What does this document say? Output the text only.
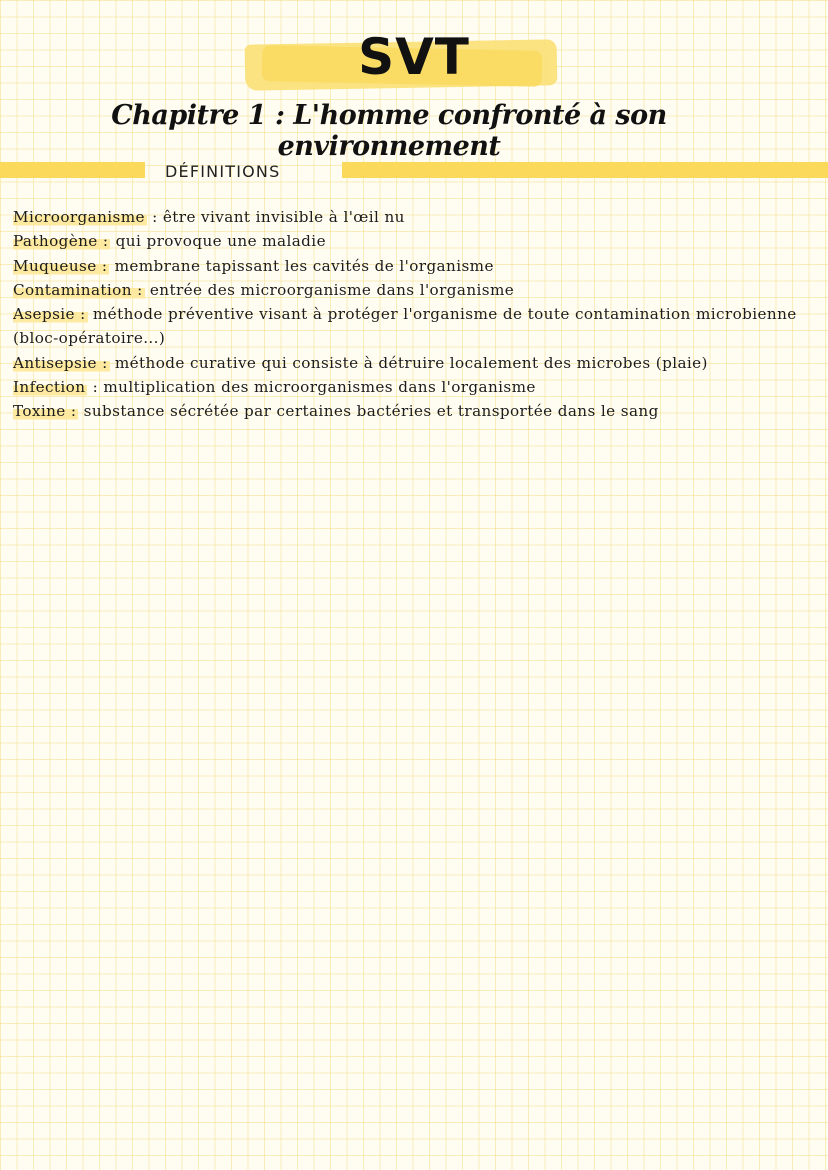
SVT
Chapitre 1 : L'homme confronté à son environnement
DÉFINITIONS

Microorganisme : être vivant invisible à l'œil nu

Pathogène : qui provoque une maladie

Muqueuse : membrane tapissant les cavités de l'organisme

Contamination : entrée des microorganisme dans l'organisme

Asepsie : méthode préventive visant à protéger l'organisme de toute contamination microbienne (bloc-opératoire...)

Antisepsie : méthode curative qui consiste à détruire localement des microbes (plaie)

Infection : multiplication des microorganismes dans l'organisme

Toxine : substance sécrétée par certaines bactéries et transportée dans le sang
